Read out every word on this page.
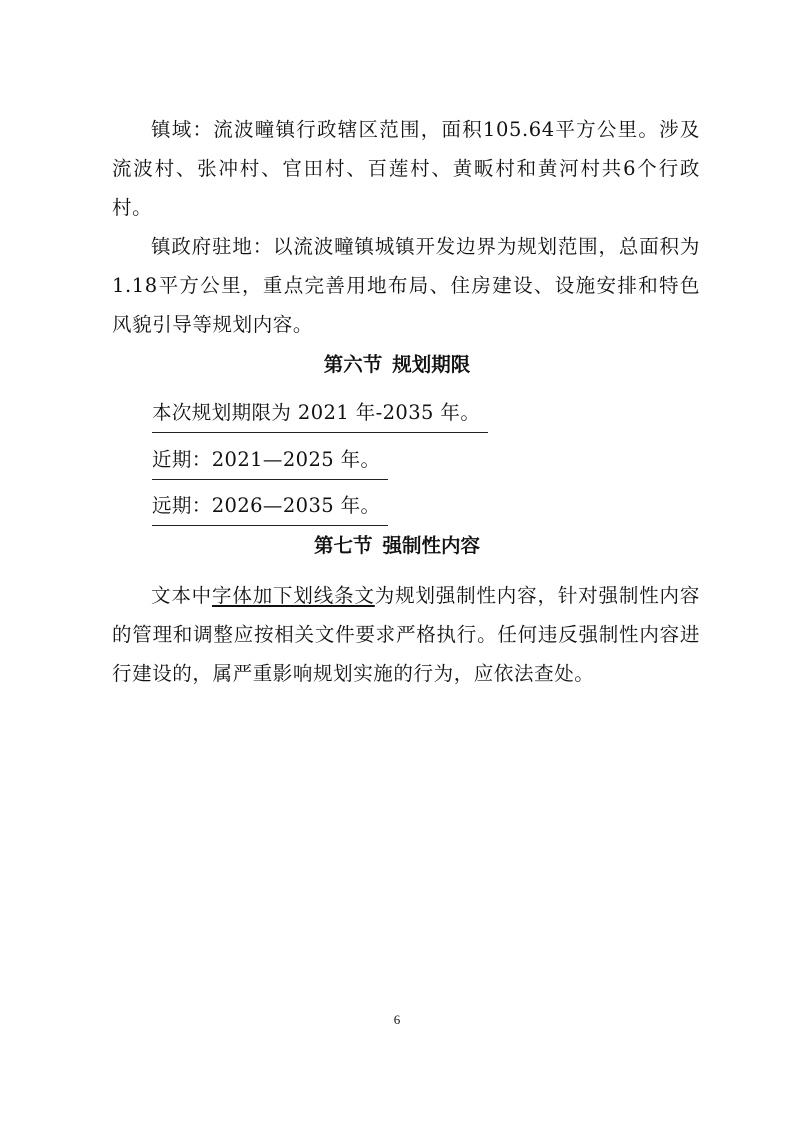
镇域：流波疃镇行政辖区范围，面积105.64平方公里。涉及流波村、张冲村、官田村、百莲村、黄畈村和黄河村共6个行政村。

镇政府驻地：以流波疃镇城镇开发边界为规划范围，总面积为1.18平方公里，重点完善用地布局、住房建设、设施安排和特色风貌引导等规划内容。

第六节 规划期限
本次规划期限为 2021 年-2035 年。
近期：2021—2025 年。
远期：2026—2035 年。
第七节 强制性内容

文本中字体加下划线条文为规划强制性内容，针对强制性内容的管理和调整应按相关文件要求严格执行。任何违反强制性内容进行建设的，属严重影响规划实施的行为，应依法查处。

6
